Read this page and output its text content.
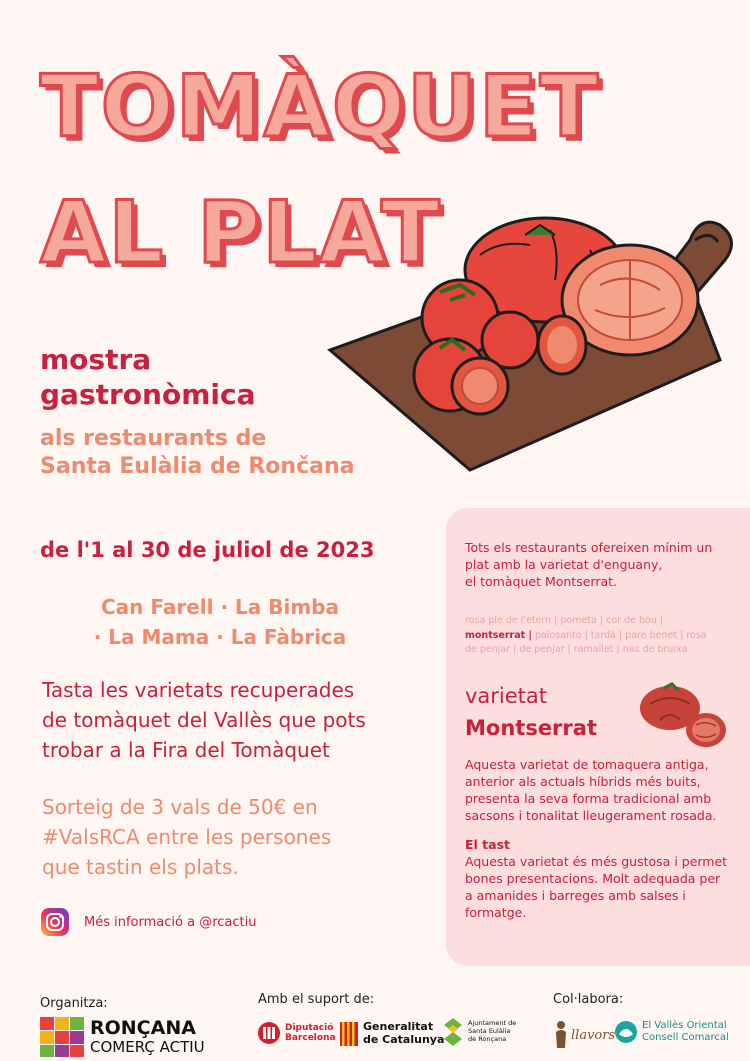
TOMÀQUET
AL PLAT
mostra
gastronòmica
als restaurants de
Santa Eulàlia de Rončana
de l'1 al 30 de juliol de 2023
Can Farell · La Bimba
· La Mama · La Fàbrica
Tasta les varietats recuperades
de tomàquet del Vallès que pots
trobar a la Fira del Tomàquet
Sorteig de 3 vals de 50€ en
#ValsRCA entre les persones
que tastin els plats.
Més informació a @rcactiu
Tots els restaurants ofereixen mínim un
plat amb la varietat d'enguany,
el tomàquet Montserrat.
rosa ple de l'etern | pometa | cor de bou |
montserrat | palosanto | tardà | pare benet | rosa
de penjar | de penjar | ramallet | nas de bruixa
varietat
Montserrat
Aquesta varietat de tomaquera antiga,
anterior als actuals híbrids més buits,
presenta la seva forma tradicional amb
sacsons i tonalitat lleugerament rosada.
El tast
Aquesta varietat és més gustosa i permet
bones presentacions. Molt adequada per
a amanides i barreges amb salses i
formatge.
Organitza:	Amb el suport de:	Col·labora:
RONÇANA
COMERÇ ACTIU
Diputació
Barcelona
Generalitat
de Catalunya
Ajuntament de
Santa Eulàlia
de Ronçana	llavors
El Vallès Oriental
Consell Comarcal
